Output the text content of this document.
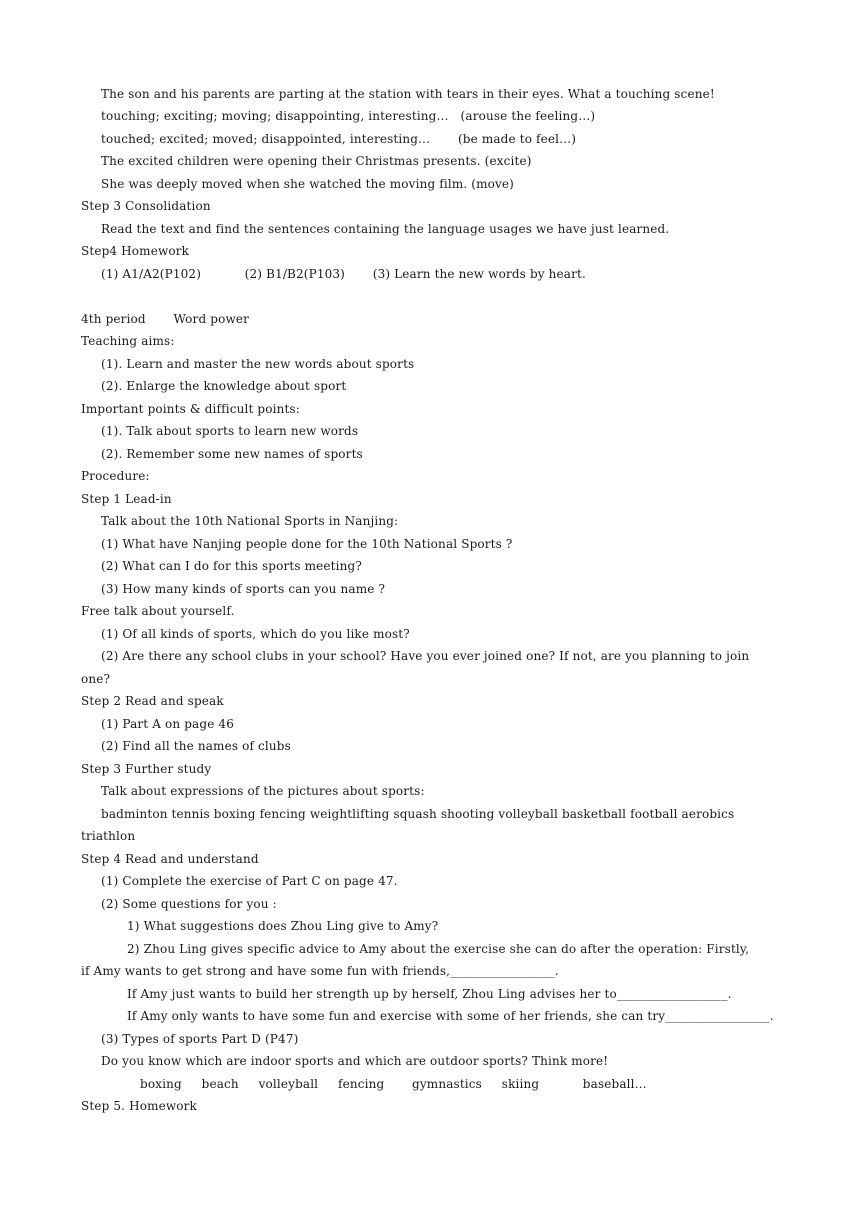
The son and his parents are parting at the station with tears in their eyes. What a touching scene!
touching; exciting; moving; disappointing, interesting…   (arouse the feeling…)
touched; excited; moved; disappointed, interesting…       (be made to feel…)
The excited children were opening their Christmas presents. (excite)
She was deeply moved when she watched the moving film. (move)
Step 3 Consolidation
Read the text and find the sentences containing the language usages we have just learned.
Step4 Homework
(1) A1/A2(P102)           (2) B1/B2(P103)       (3) Learn the new words by heart.
4th period       Word power
Teaching aims:
(1). Learn and master the new words about sports
(2). Enlarge the knowledge about sport
Important points & difficult points:
(1). Talk about sports to learn new words
(2). Remember some new names of sports
Procedure:
Step 1 Lead-in
Talk about the 10th National Sports in Nanjing:
(1) What have Nanjing people done for the 10th National Sports ?
(2) What can I do for this sports meeting?
(3) How many kinds of sports can you name ?
Free talk about yourself.
(1) Of all kinds of sports, which do you like most?
(2) Are there any school clubs in your school? Have you ever joined one? If not, are you planning to join
one?
Step 2 Read and speak
(1) Part A on page 46
(2) Find all the names of clubs
Step 3 Further study
Talk about expressions of the pictures about sports:
badminton tennis boxing fencing weightlifting squash shooting volleyball basketball football aerobics
triathlon
Step 4 Read and understand
(1) Complete the exercise of Part C on page 47.
(2) Some questions for you :
1) What suggestions does Zhou Ling give to Amy?
2) Zhou Ling gives specific advice to Amy about the exercise she can do after the operation: Firstly,
if Amy wants to get strong and have some fun with friends,_________________.
If Amy just wants to build her strength up by herself, Zhou Ling advises her to__________________.
If Amy only wants to have some fun and exercise with some of her friends, she can try_________________.
(3) Types of sports Part D (P47)
Do you know which are indoor sports and which are outdoor sports? Think more!
boxing     beach     volleyball     fencing       gymnastics     skiing           baseball…
Step 5. Homework
